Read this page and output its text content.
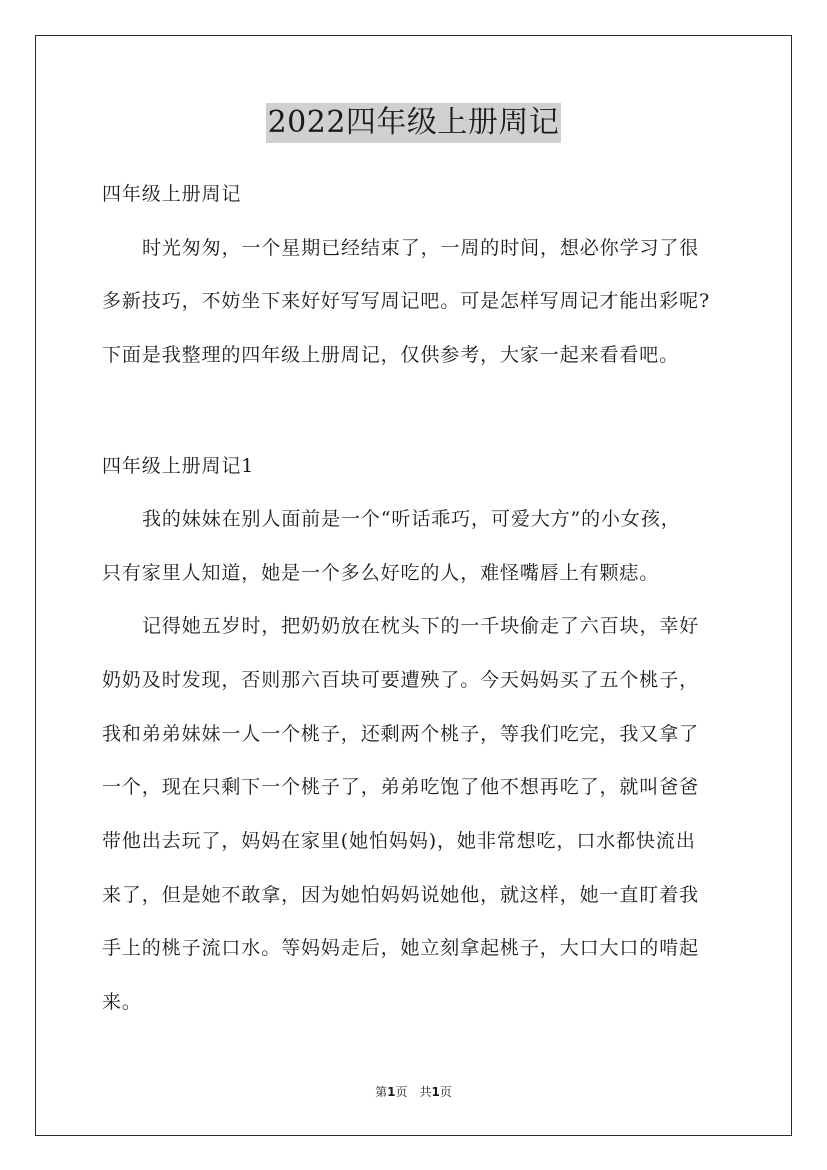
2022四年级上册周记
四年级上册周记
时光匆匆，一个星期已经结束了，一周的时间，想必你学习了很
多新技巧，不妨坐下来好好写写周记吧。可是怎样写周记才能出彩呢?
下面是我整理的四年级上册周记，仅供参考，大家一起来看看吧。
四年级上册周记1
我的妹妹在别人面前是一个“听话乖巧，可爱大方”的小女孩，
只有家里人知道，她是一个多么好吃的人，难怪嘴唇上有颗痣。
记得她五岁时，把奶奶放在枕头下的一千块偷走了六百块，幸好
奶奶及时发现，否则那六百块可要遭殃了。今天妈妈买了五个桃子，
我和弟弟妹妹一人一个桃子，还剩两个桃子，等我们吃完，我又拿了
一个，现在只剩下一个桃子了，弟弟吃饱了他不想再吃了，就叫爸爸
带他出去玩了，妈妈在家里(她怕妈妈)，她非常想吃，口水都快流出
来了，但是她不敢拿，因为她怕妈妈说她他，就这样，她一直盯着我
手上的桃子流口水。等妈妈走后，她立刻拿起桃子，大口大口的啃起
来。
第1页 共1页
